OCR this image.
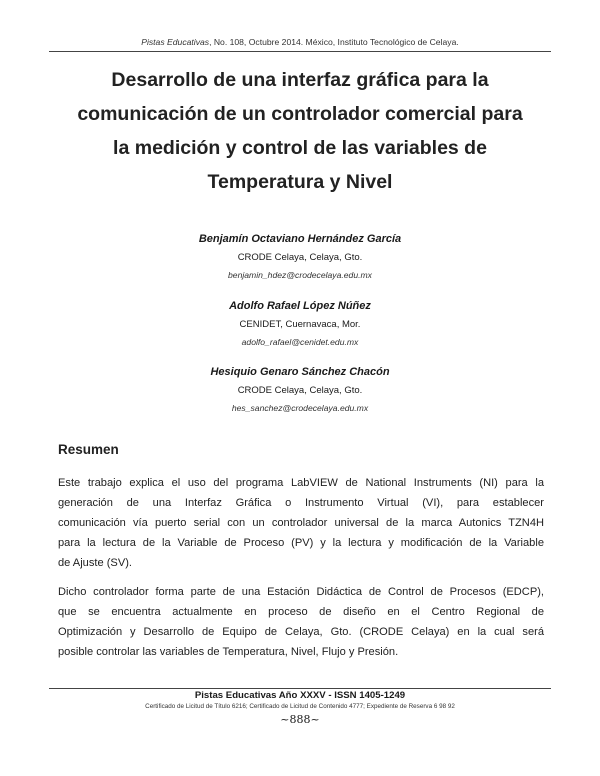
Pistas Educativas, No. 108, Octubre 2014. México, Instituto Tecnológico de Celaya.
Desarrollo de una interfaz gráfica para la
comunicación de un controlador comercial para
la medición y control de las variables de
Temperatura y Nivel
Benjamín Octaviano Hernández García
CRODE Celaya, Celaya, Gto.
benjamin_hdez@crodecelaya.edu.mx
Adolfo Rafael López Núñez
CENIDET, Cuernavaca, Mor.
adolfo_rafael@cenidet.edu.mx
Hesiquio Genaro Sánchez Chacón
CRODE Celaya, Celaya, Gto.
hes_sanchez@crodecelaya.edu.mx
Resumen
Este trabajo explica el uso del programa LabVIEW de National Instruments (NI) para la
generación de una Interfaz Gráfica o Instrumento Virtual (VI), para establecer
comunicación vía puerto serial con un controlador universal de la marca Autonics TZN4H
para la lectura de la Variable de Proceso (PV) y la lectura y modificación de la Variable
de Ajuste (SV).
Dicho controlador forma parte de una Estación Didáctica de Control de Procesos (EDCP),
que se encuentra actualmente en proceso de diseño en el Centro Regional de
Optimización y Desarrollo de Equipo de Celaya, Gto. (CRODE Celaya) en la cual será
posible controlar las variables de Temperatura, Nivel, Flujo y Presión.
Pistas Educativas Año XXXV - ISSN 1405-1249
Certificado de Licitud de Título 6216; Certificado de Licitud de Contenido 4777; Expediente de Reserva 6 98 92
~888~
